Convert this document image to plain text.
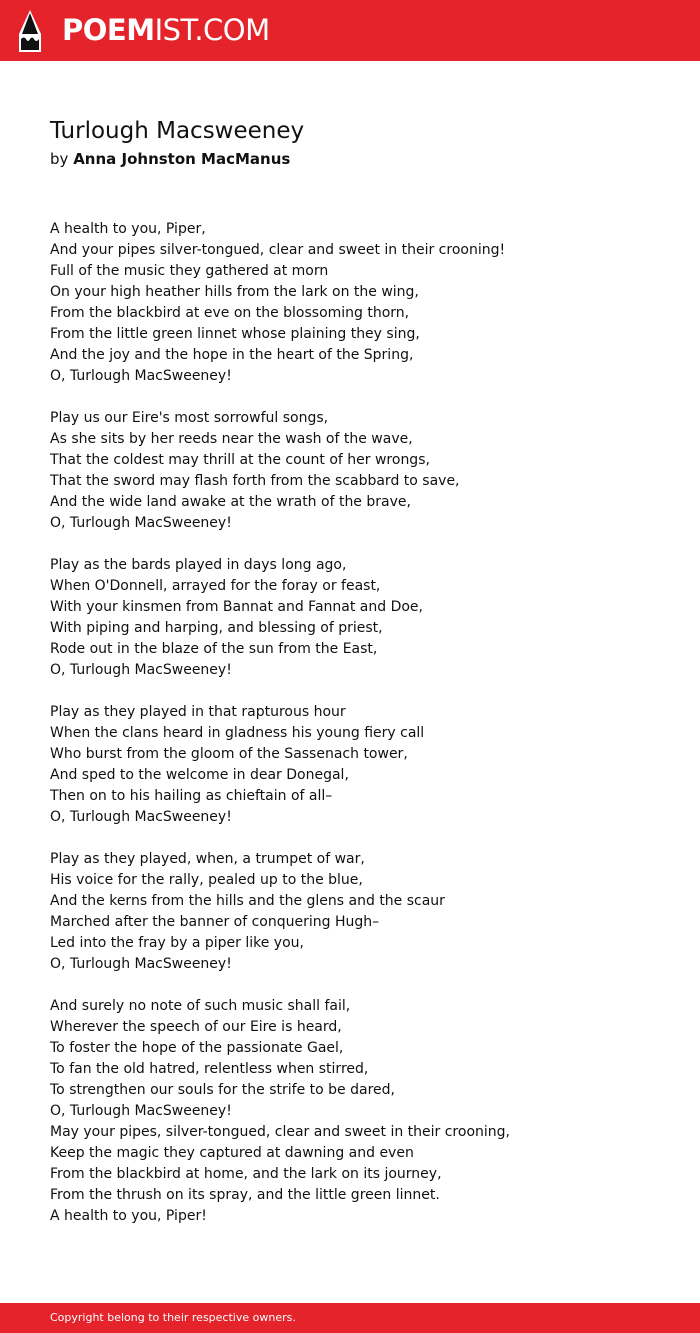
POEMIST.COM
Turlough Macsweeney
by Anna Johnston MacManus
A health to you, Piper,
And your pipes silver-tongued, clear and sweet in their crooning!
Full of the music they gathered at morn
On your high heather hills from the lark on the wing,
From the blackbird at eve on the blossoming thorn,
From the little green linnet whose plaining they sing,
And the joy and the hope in the heart of the Spring,
O, Turlough MacSweeney!
Play us our Eire's most sorrowful songs,
As she sits by her reeds near the wash of the wave,
That the coldest may thrill at the count of her wrongs,
That the sword may flash forth from the scabbard to save,
And the wide land awake at the wrath of the brave,
O, Turlough MacSweeney!
Play as the bards played in days long ago,
When O'Donnell, arrayed for the foray or feast,
With your kinsmen from Bannat and Fannat and Doe,
With piping and harping, and blessing of priest,
Rode out in the blaze of the sun from the East,
O, Turlough MacSweeney!
Play as they played in that rapturous hour
When the clans heard in gladness his young fiery call
Who burst from the gloom of the Sassenach tower,
And sped to the welcome in dear Donegal,
Then on to his hailing as chieftain of all–
O, Turlough MacSweeney!
Play as they played, when, a trumpet of war,
His voice for the rally, pealed up to the blue,
And the kerns from the hills and the glens and the scaur
Marched after the banner of conquering Hugh–
Led into the fray by a piper like you,
O, Turlough MacSweeney!
And surely no note of such music shall fail,
Wherever the speech of our Eire is heard,
To foster the hope of the passionate Gael,
To fan the old hatred, relentless when stirred,
To strengthen our souls for the strife to be dared,
O, Turlough MacSweeney!
May your pipes, silver-tongued, clear and sweet in their crooning,
Keep the magic they captured at dawning and even
From the blackbird at home, and the lark on its journey,
From the thrush on its spray, and the little green linnet.
A health to you, Piper!
Copyright belong to their respective owners.
